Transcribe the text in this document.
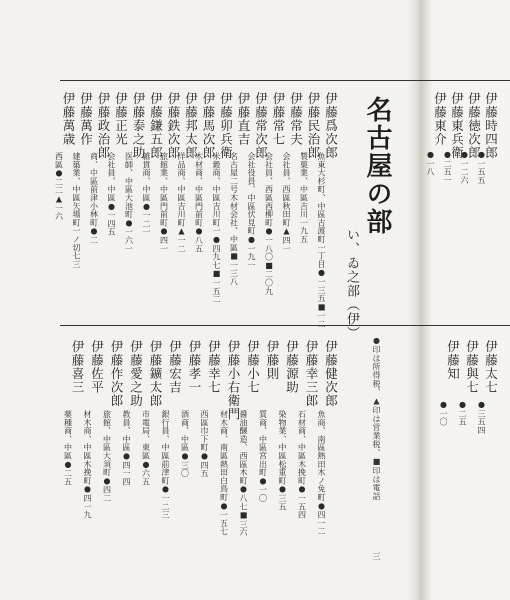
名古屋の部
い、ゐ之部（伊）
伊藤爲次郎
魚東大杉町、中區古渡町一丁目●一三五■一二
伊藤民治郎
製菓業、中區吉川一九五
伊藤常夫
会社員、西區秋田町▲四一
伊藤常七
会社員、西區西柳町●一八〇■二〇九
伊藤常次郎
会社役員、中區伏見町●一九一
伊藤直吉
名古屋二号木材会社、中區■一三八
伊藤卯兵衛
米穀商、中區吉川町一●四九七■一五二
伊藤馬次郎
木材商、中區門前町●八五
伊藤邦太郎
洋品商、中區吉川町▲一二
伊藤鉄次郎
旅館業、中區門前町●四一
伊藤鎌五郎
雑貨商、中區●一二一
伊藤泰之助
医師、中區大池町●一六一
伊藤正光
会社員、中區●一四五
伊藤政治郎
商、中區前津小林町●二
伊藤萬作
建築業、中區矢場町一ノ切七三
伊藤萬歳
西區●二二▲一六
伊藤健次郎
魚商、南區熱田木ノ免町●四一二
伊藤幸三郎
石材商、中區木挽町●一五四
伊藤源助
染物業、中區松重町●三五
伊藤則
質商、中區宮出町●一〇
伊藤小七
醤油醸造、西區木町●八七■三六
伊藤小右衛門
材木商、南區熱田白鳥町●一五七
伊藤幸七
西區巾下町●四五
伊藤孝一
酒商、中區●三〇
伊藤宏吉
銀行員、中區前津町●一二三
伊藤鑛太郎
市電局、東區●六五
伊藤愛之助
教員、中區●四一四
伊藤作次郎
旅館、中區大須町●四二
伊藤佐平
材木商、中區木挽町●四一九
伊藤喜三
薬種商、中區●二五
伊藤時四郎
●一五五
伊藤徳次郎
●一二六
伊藤東兵衛
●二五一
伊藤東介
●一八
伊藤太七
●三五四
伊藤與七
●二五
伊藤知
●一〇
●印は所得税、▲印は営業税、■印は電話
三
